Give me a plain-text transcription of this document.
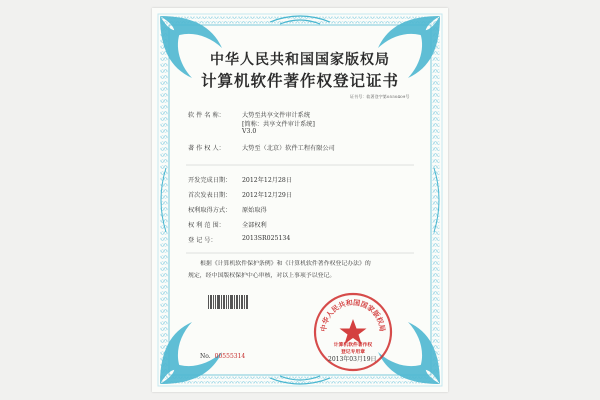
中华人民共和国国家版权局
计算机软件著作权登记证书
证书号：软著登字第0550409号
软 件 名 称：	大势至共享文件审计系统
[简称：共享文件审计系统]
V3.0
著 作 权 人：	大势至（北京）软件工程有限公司
开发完成日期： 2012年12月28日
首次发表日期： 2012年12月29日
权利取得方式： 原始取得
权 利 范 围：	全部权利
登 记 号：	2013SR025134
根据《计算机软件保护条例》和《计算机软件著作权登记办法》的
规定，经中国版权保护中心审核，对以上事项予以登记。
中华人民共和国国家版权局
计算机软件著作权
登记专用章
No. 00555314	2013年03月19日
